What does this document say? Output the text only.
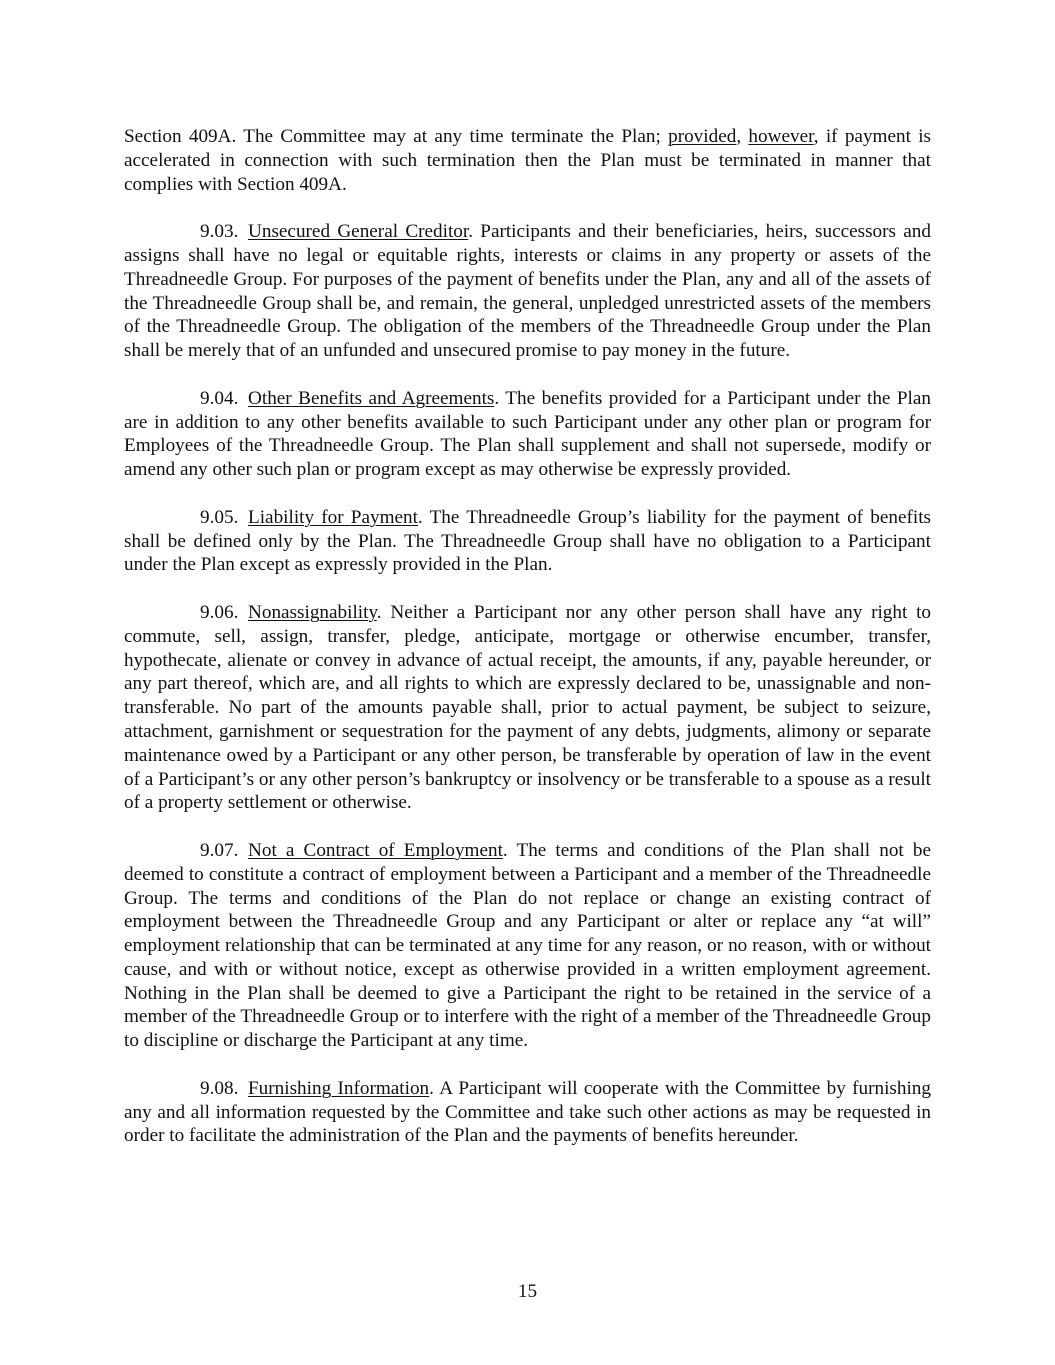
Section 409A. The Committee may at any time terminate the Plan; provided, however, if payment is accelerated in connection with such termination then the Plan must be terminated in manner that complies with Section 409A.

9.03. Unsecured General Creditor. Participants and their beneficiaries, heirs, successors and assigns shall have no legal or equitable rights, interests or claims in any property or assets of the Threadneedle Group. For purposes of the payment of benefits under the Plan, any and all of the assets of the Threadneedle Group shall be, and remain, the general, unpledged unrestricted assets of the members of the Threadneedle Group. The obligation of the members of the Threadneedle Group under the Plan shall be merely that of an unfunded and unsecured promise to pay money in the future.

9.04. Other Benefits and Agreements. The benefits provided for a Participant under the Plan are in addition to any other benefits available to such Participant under any other plan or program for Employees of the Threadneedle Group. The Plan shall supplement and shall not supersede, modify or amend any other such plan or program except as may otherwise be expressly provided.

9.05. Liability for Payment. The Threadneedle Group’s liability for the payment of benefits shall be defined only by the Plan. The Threadneedle Group shall have no obligation to a Participant under the Plan except as expressly provided in the Plan.

9.06. Nonassignability. Neither a Participant nor any other person shall have any right to commute, sell, assign, transfer, pledge, anticipate, mortgage or otherwise encumber, transfer, hypothecate, alienate or convey in advance of actual receipt, the amounts, if any, payable hereunder, or any part thereof, which are, and all rights to which are expressly declared to be, unassignable and non-transferable. No part of the amounts payable shall, prior to actual payment, be subject to seizure, attachment, garnishment or sequestration for the payment of any debts, judgments, alimony or separate maintenance owed by a Participant or any other person, be transferable by operation of law in the event of a Participant’s or any other person’s bankruptcy or insolvency or be transferable to a spouse as a result of a property settlement or otherwise.

9.07. Not a Contract of Employment. The terms and conditions of the Plan shall not be deemed to constitute a contract of employment between a Participant and a member of the Threadneedle Group. The terms and conditions of the Plan do not replace or change an existing contract of employment between the Threadneedle Group and any Participant or alter or replace any “at will” employment relationship that can be terminated at any time for any reason, or no reason, with or without cause, and with or without notice, except as otherwise provided in a written employment agreement. Nothing in the Plan shall be deemed to give a Participant the right to be retained in the service of a member of the Threadneedle Group or to interfere with the right of a member of the Threadneedle Group to discipline or discharge the Participant at any time.

9.08. Furnishing Information. A Participant will cooperate with the Committee by furnishing any and all information requested by the Committee and take such other actions as may be requested in order to facilitate the administration of the Plan and the payments of benefits hereunder.

15
